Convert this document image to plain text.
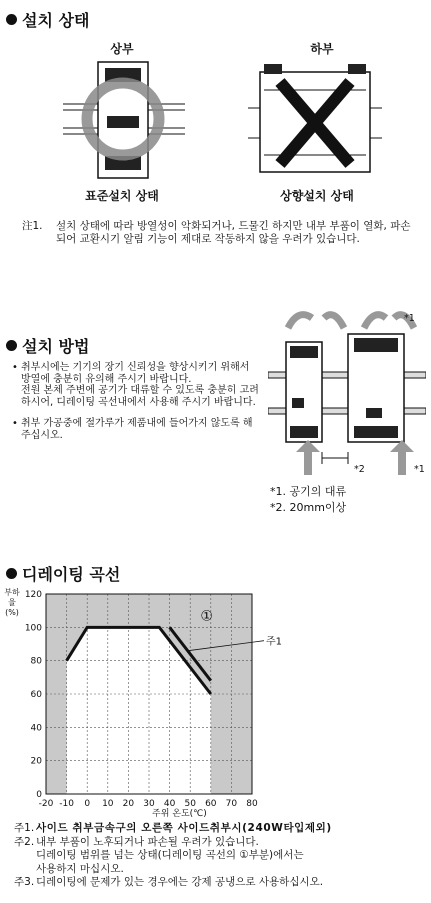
설치 상태
상부	하부
표준설치 상태	상향설치 상태
注1. 설치 상태에 따라 방열성이 악화되거나, 드물긴 하지만 내부 부품이 열화, 파손되어 교환시기 알림 기능이 제대로 작동하지 않을 우려가 있습니다.
설치 방법
• 취부시에는 기기의 장기 신뢰성을 향상시키기 위해서 방열에 충분히 유의해 주시기 바랍니다.
전원 본체 주변에 공기가 대류할 수 있도록 충분히 고려하시어, 디레이팅 곡선내에서 사용해 주시기 바랍니다.
• 취부 가공중에 절가루가 제품내에 들어가지 않도록 해주십시오.
*1
*2	*1
*1. 공기의 대류
*2. 20mm이상
디레이팅 곡선
-20 -10 0 10 20 30 40 50 60 70 80
0
20
40
60
80
100
120
①
주1
부하율(%)
주위 온도(℃)
주1. 사이드 취부금속구의 오른쪽 사이드취부시(240W타입제외)
주2. 내부 부품이 노후되거나 파손될 우려가 있습니다.
디레이팅 범위를 넘는 상태(디레이팅 곡선의 ①부분)에서는
사용하지 마십시오.
주3. 디레이팅에 문제가 있는 경우에는 강제 공냉으로 사용하십시오.
